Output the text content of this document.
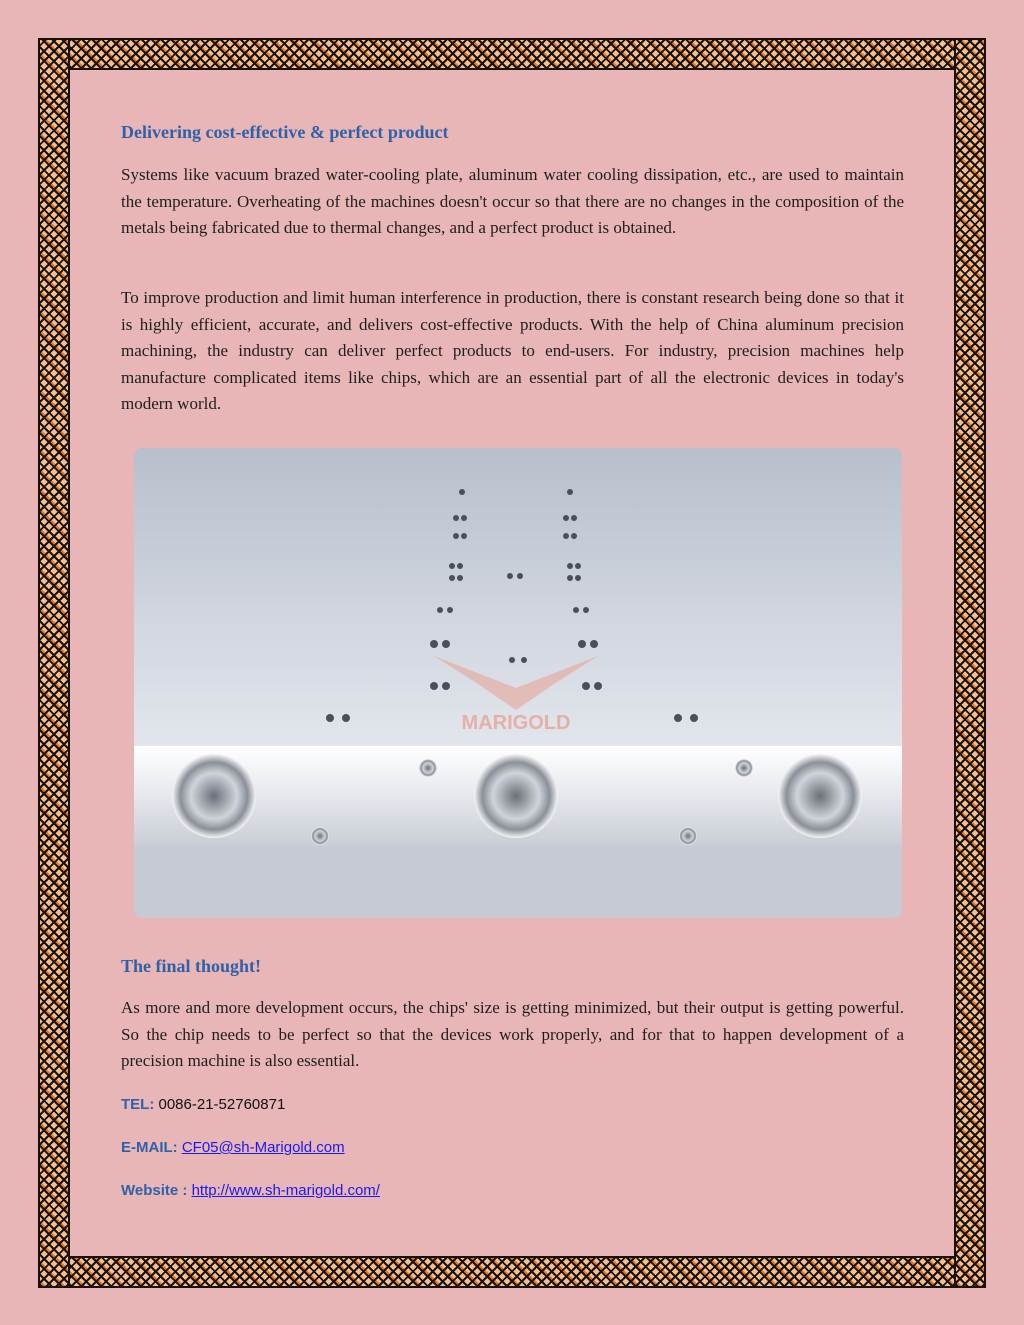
Delivering cost-effective & perfect product

Systems like vacuum brazed water-cooling plate, aluminum water cooling dissipation, etc., are used to maintain the temperature. Overheating of the machines doesn't occur so that there are no changes in the composition of the metals being fabricated due to thermal changes, and a perfect product is obtained.

To improve production and limit human interference in production, there is constant research being done so that it is highly efficient, accurate, and delivers cost-effective products. With the help of China aluminum precision machining, the industry can deliver perfect products to end-users. For industry, precision machines help manufacture complicated items like chips, which are an essential part of all the electronic devices in today's modern world.

MARIGOLD
The final thought!

As more and more development occurs, the chips' size is getting minimized, but their output is getting powerful. So the chip needs to be perfect so that the devices work properly, and for that to happen development of a precision machine is also essential.

TEL: 0086-21-52760871
E-MAIL: CF05@sh-Marigold.com
Website : http://www.sh-marigold.com/
